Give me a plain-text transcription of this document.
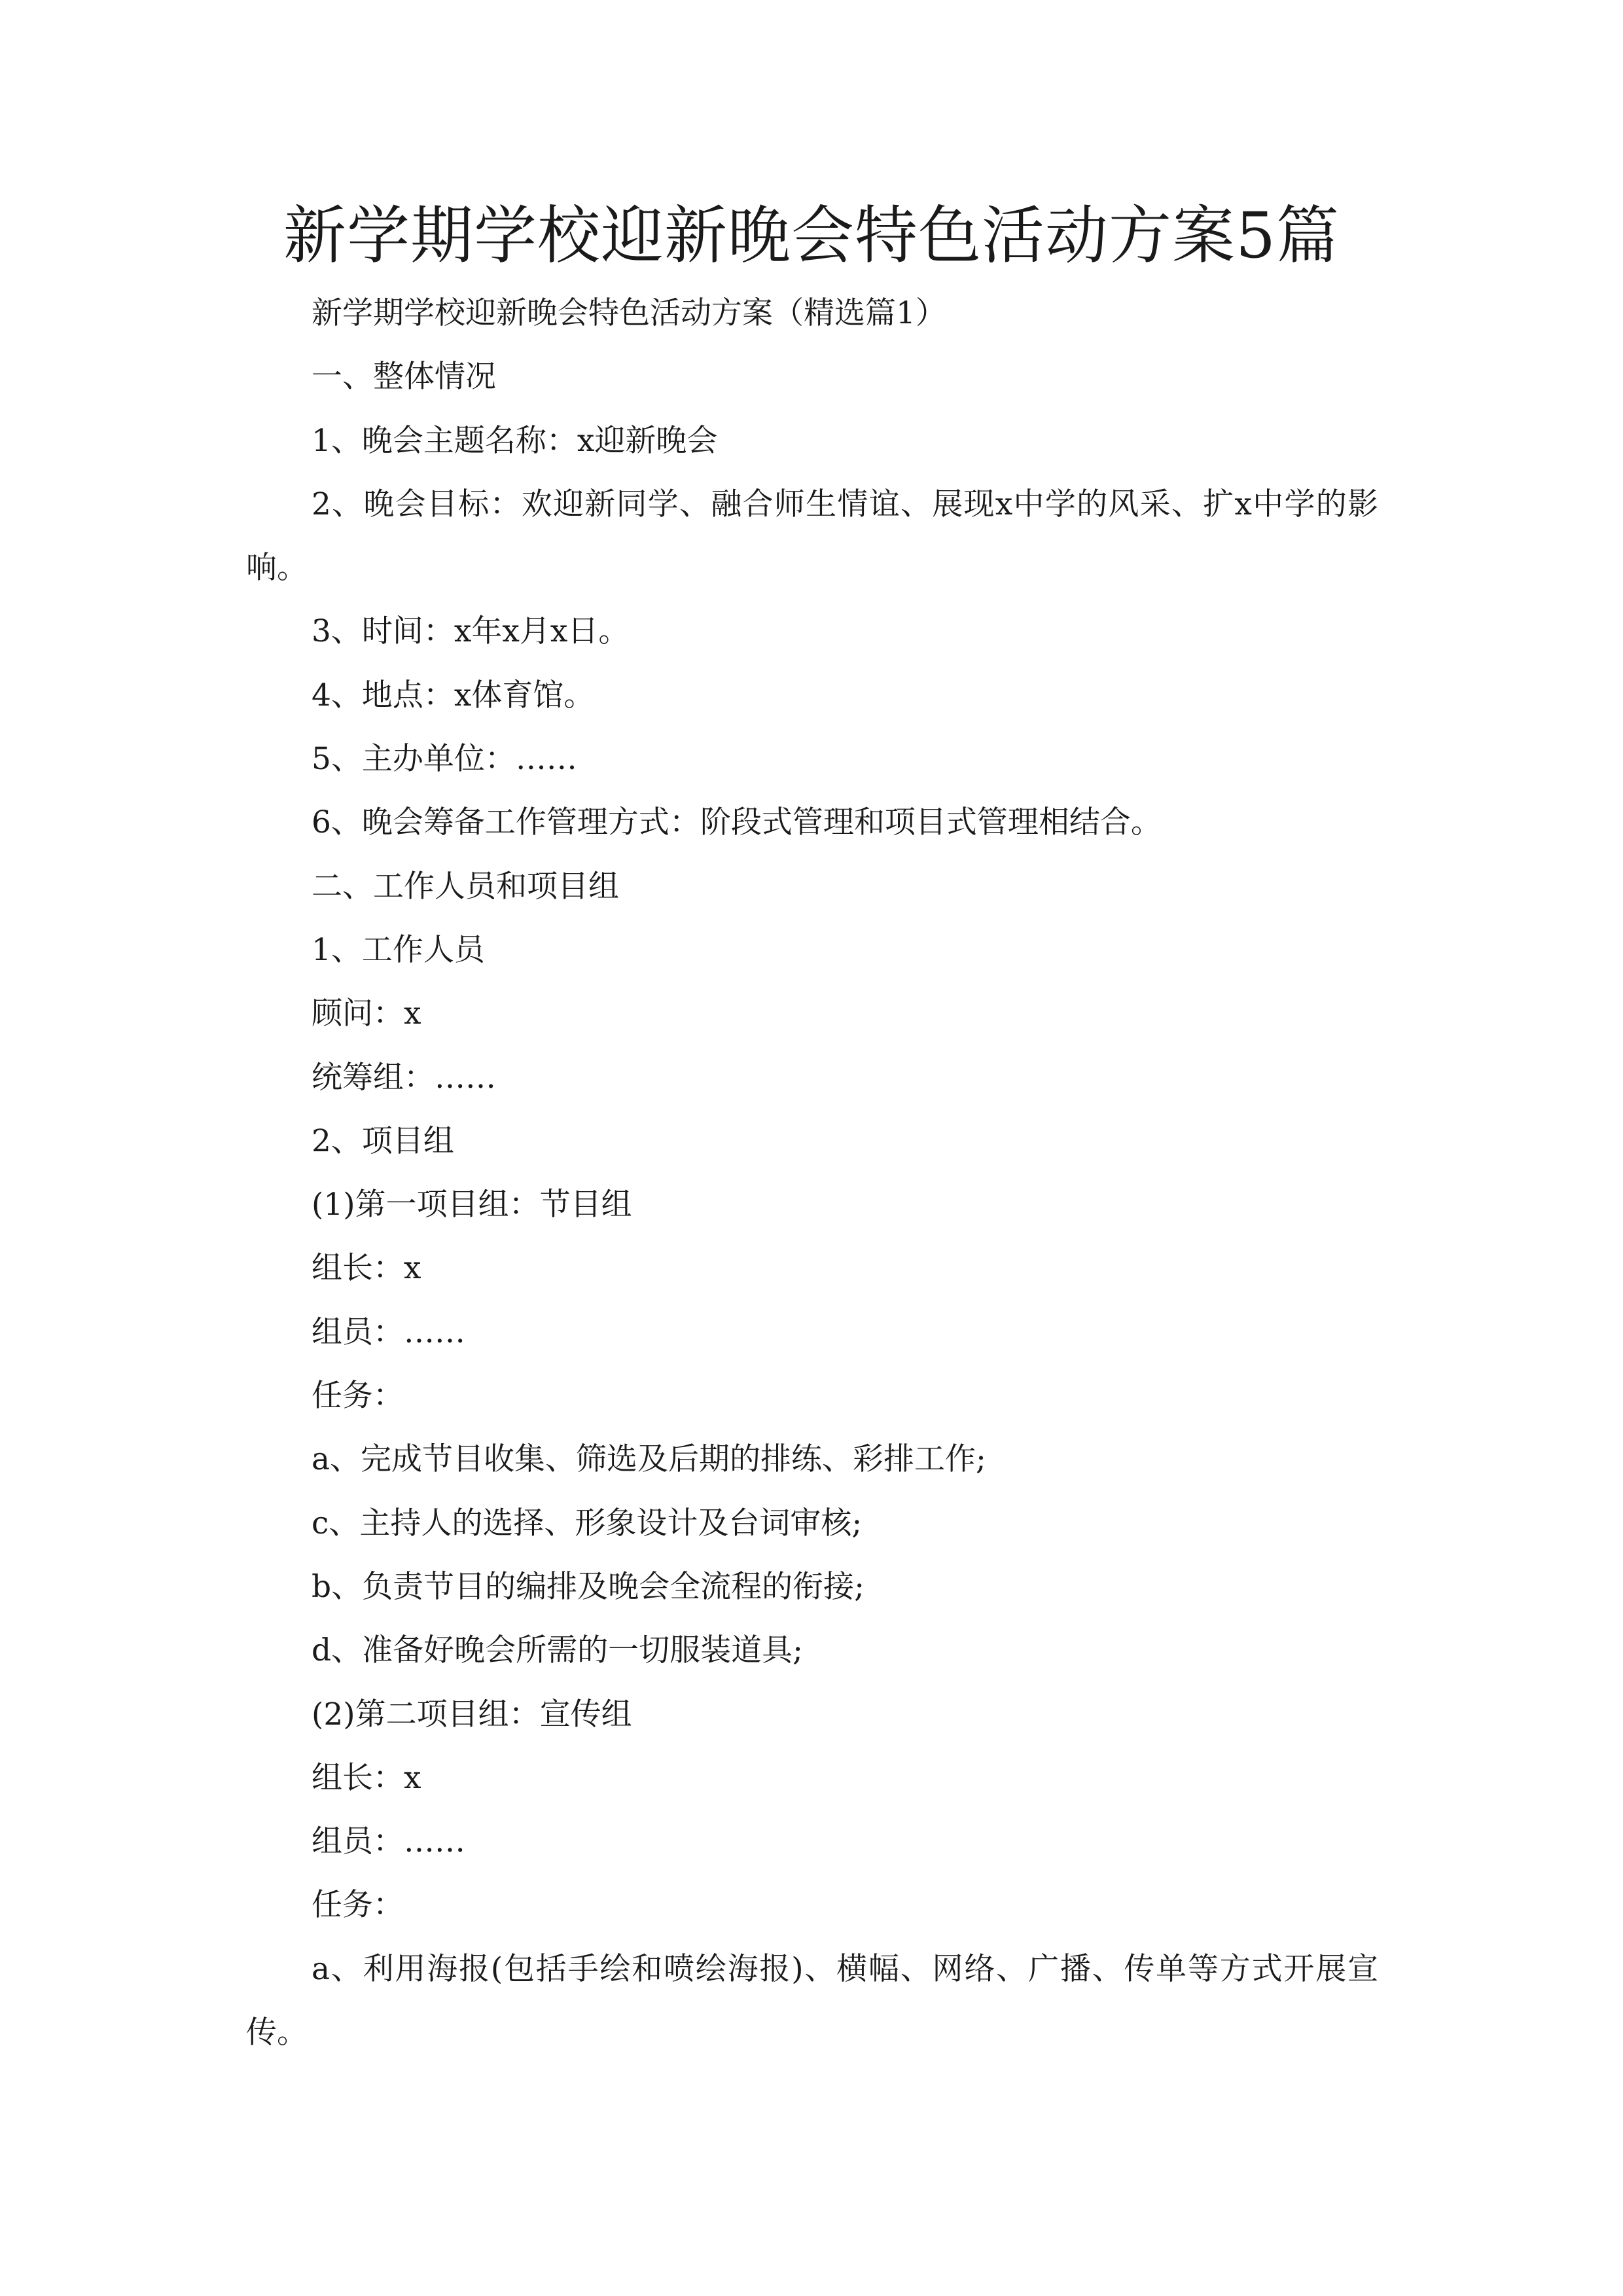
新学期学校迎新晚会特色活动方案5篇
新学期学校迎新晚会特色活动方案（精选篇1）
一、整体情况
1、晚会主题名称：x迎新晚会
2、晚会目标：欢迎新同学、融合师生情谊、展现x中学的风采、扩x中学的影响。
3、时间：x年x月x日。
4、地点：x体育馆。
5、主办单位：……
6、晚会筹备工作管理方式：阶段式管理和项目式管理相结合。
二、工作人员和项目组
1、工作人员
顾问：x
统筹组：……
2、项目组
(1)第一项目组：节目组
组长：x
组员：……
任务：
a、完成节目收集、筛选及后期的排练、彩排工作;
c、主持人的选择、形象设计及台词审核;
b、负责节目的编排及晚会全流程的衔接;
d、准备好晚会所需的一切服装道具;
(2)第二项目组：宣传组
组长：x
组员：……
任务：
a、利用海报(包括手绘和喷绘海报)、横幅、网络、广播、传单等方式开展宣传。
